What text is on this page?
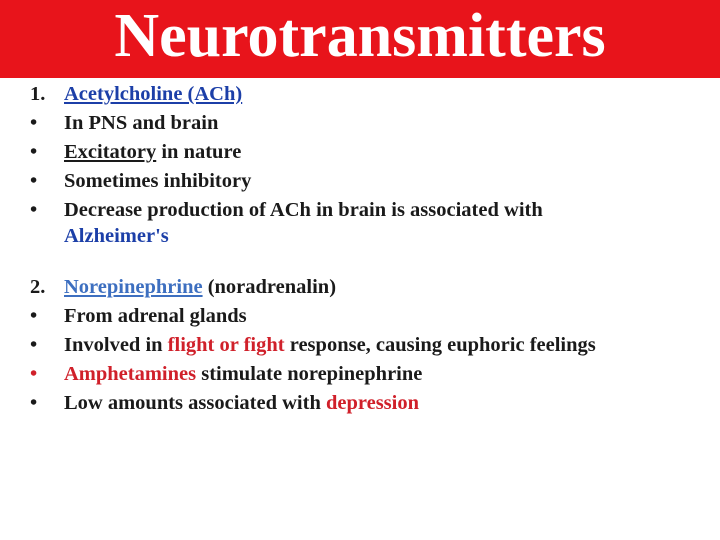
Neurotransmitters
1. Acetylcholine (ACh)
•	In PNS and brain
•	Excitatory in nature
•	Sometimes inhibitory
•	Decrease production of ACh in brain is associated with
Alzheimer's
2. Norepinephrine (noradrenalin)
•	From adrenal glands
•	Involved in flight or fight response, causing euphoric feelings
•	Amphetamines stimulate norepinephrine
•	Low amounts associated with depression
